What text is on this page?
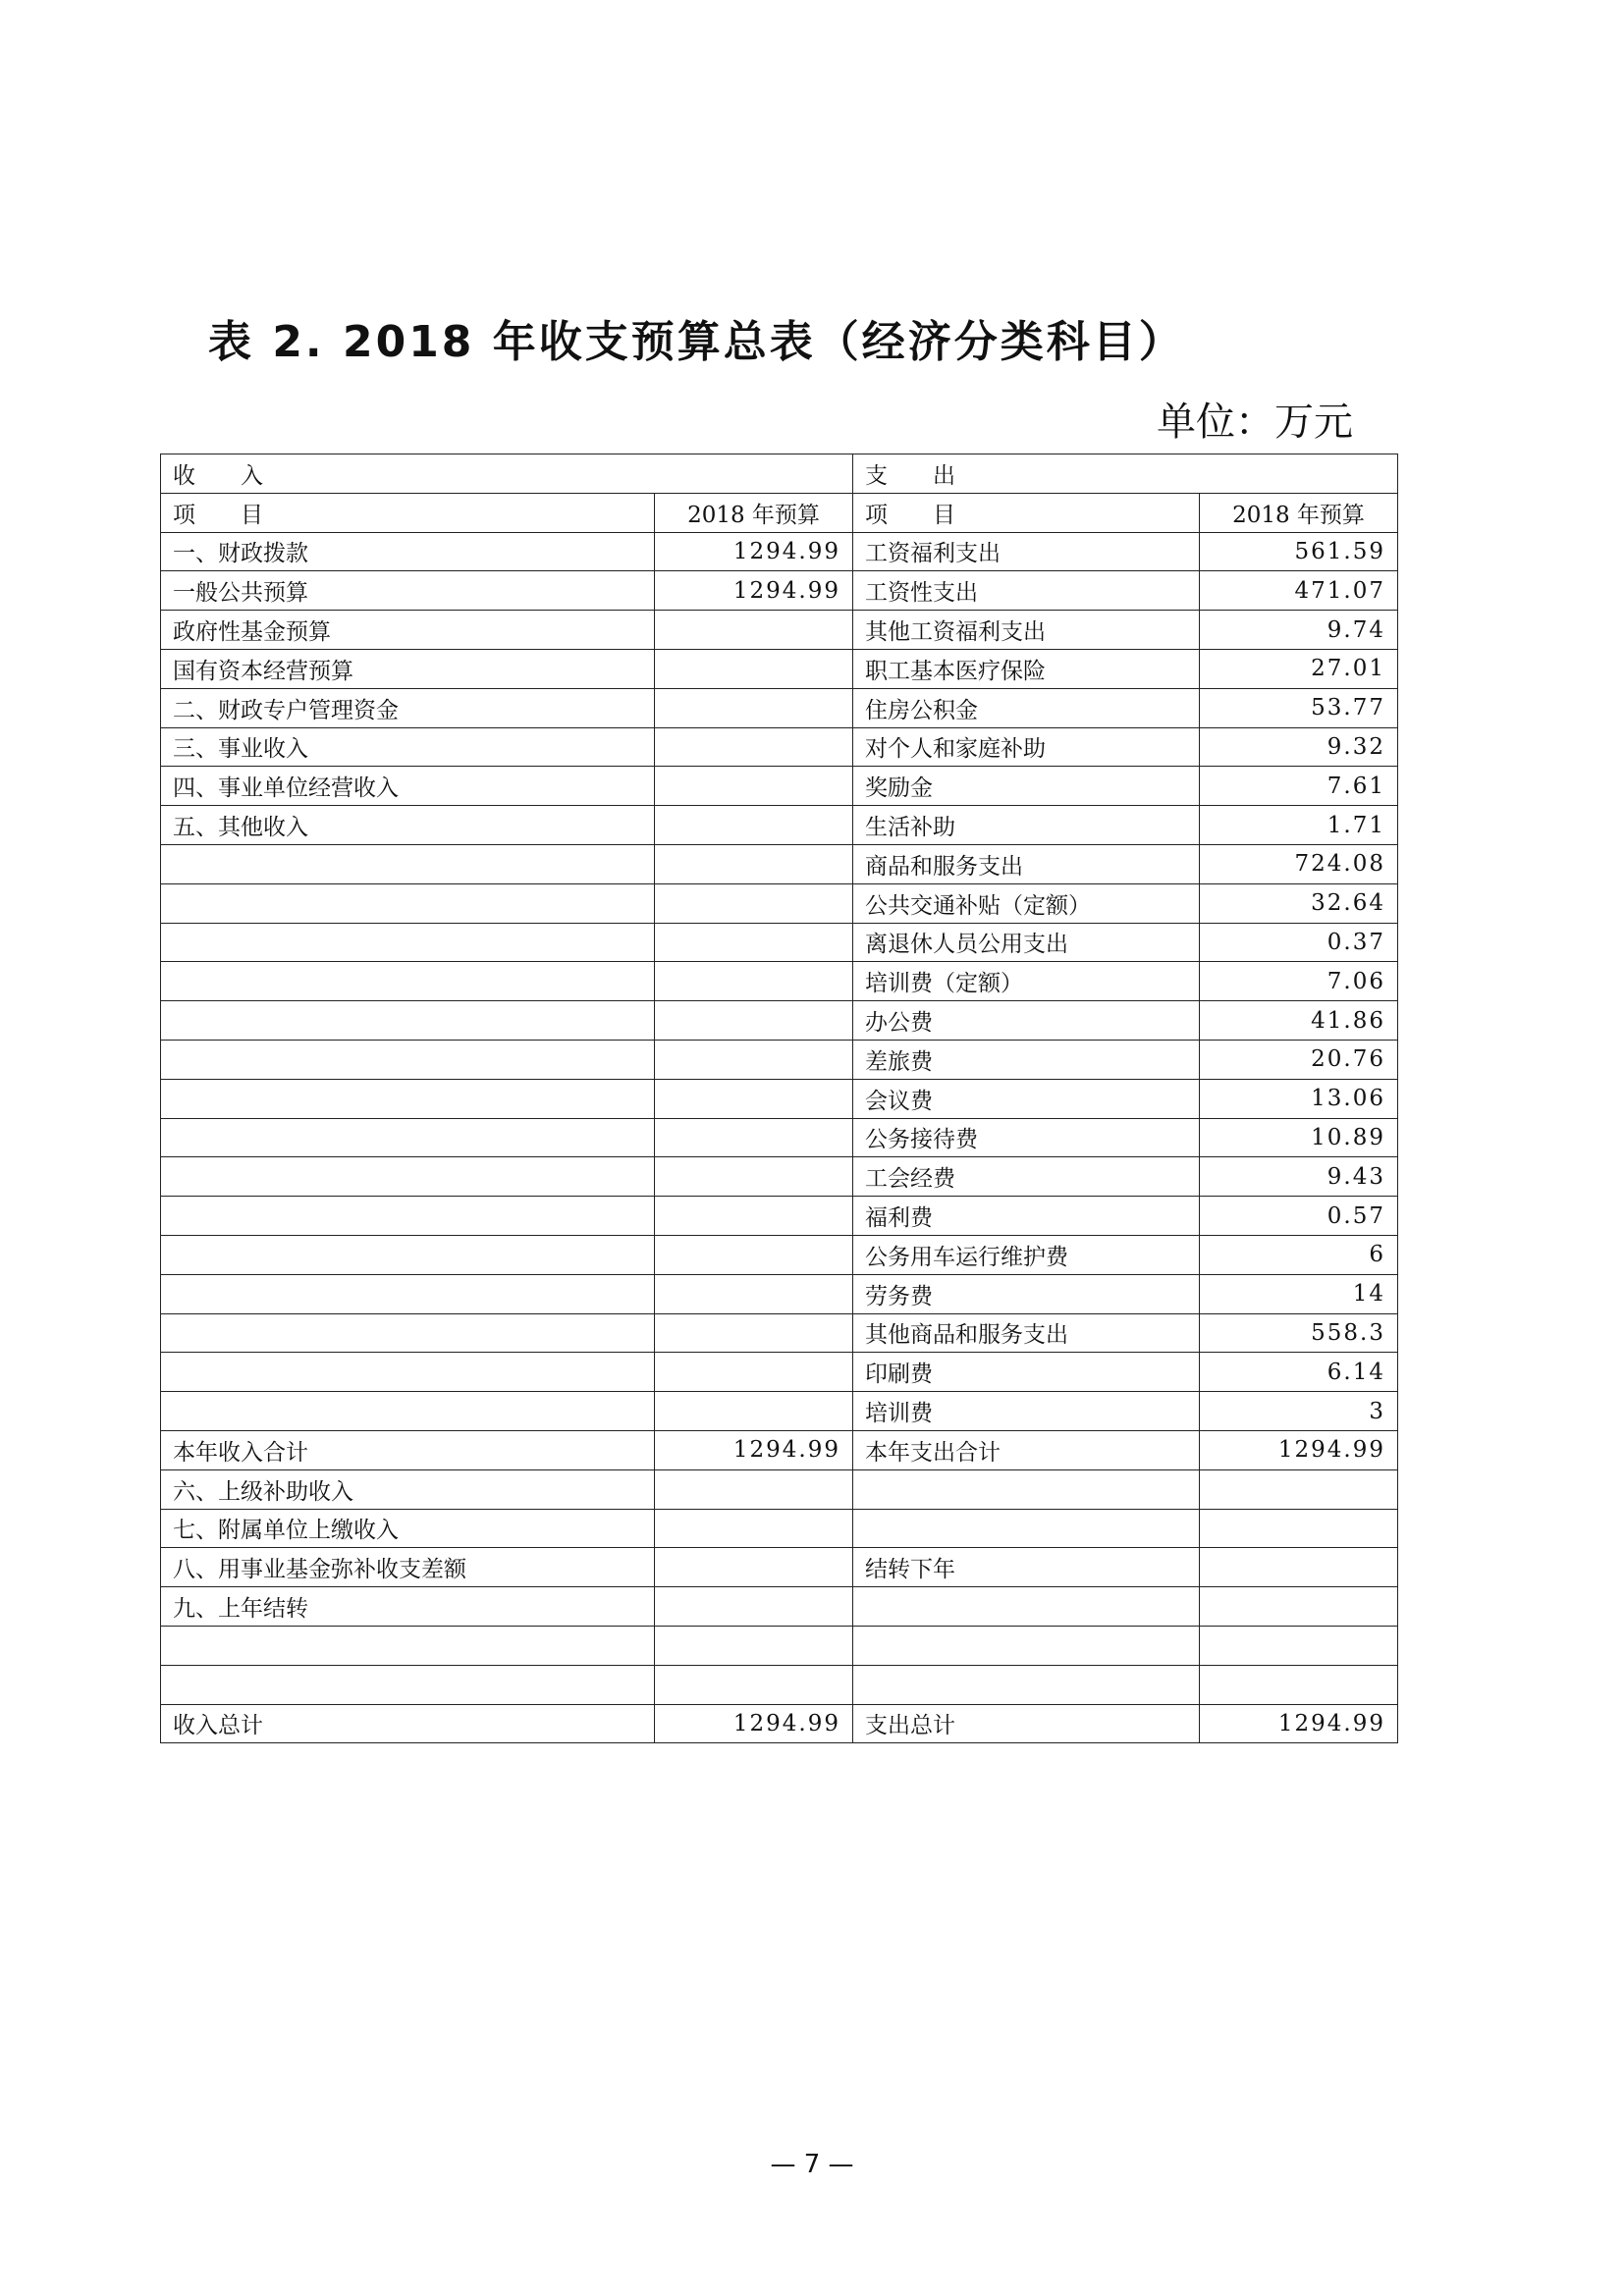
表 2. 2018 年收支预算总表（经济分类科目）
单位：万元
收　　入		支　　出	
项　　目	2018 年预算	项　　目	2018 年预算
一、财政拨款	1294.99	工资福利支出	561.59
一般公共预算	1294.99	工资性支出	471.07
政府性基金预算		其他工资福利支出	9.74
国有资本经营预算		职工基本医疗保险	27.01
二、财政专户管理资金		住房公积金	53.77
三、事业收入		对个人和家庭补助	9.32
四、事业单位经营收入		奖励金	7.61
五、其他收入		生活补助	1.71
		商品和服务支出	724.08
		公共交通补贴（定额）	32.64
		离退休人员公用支出	0.37
		培训费（定额）	7.06
		办公费	41.86
		差旅费	20.76
		会议费	13.06
		公务接待费	10.89
		工会经费	9.43
		福利费	0.57
		公务用车运行维护费	6
		劳务费	14
		其他商品和服务支出	558.3
		印刷费	6.14
		培训费	3
本年收入合计	1294.99	本年支出合计	1294.99
六、上级补助收入			
七、附属单位上缴收入			
八、用事业基金弥补收支差额		结转下年	
九、上年结转			

收入总计	1294.99	支出总计	1294.99
— 7 —
